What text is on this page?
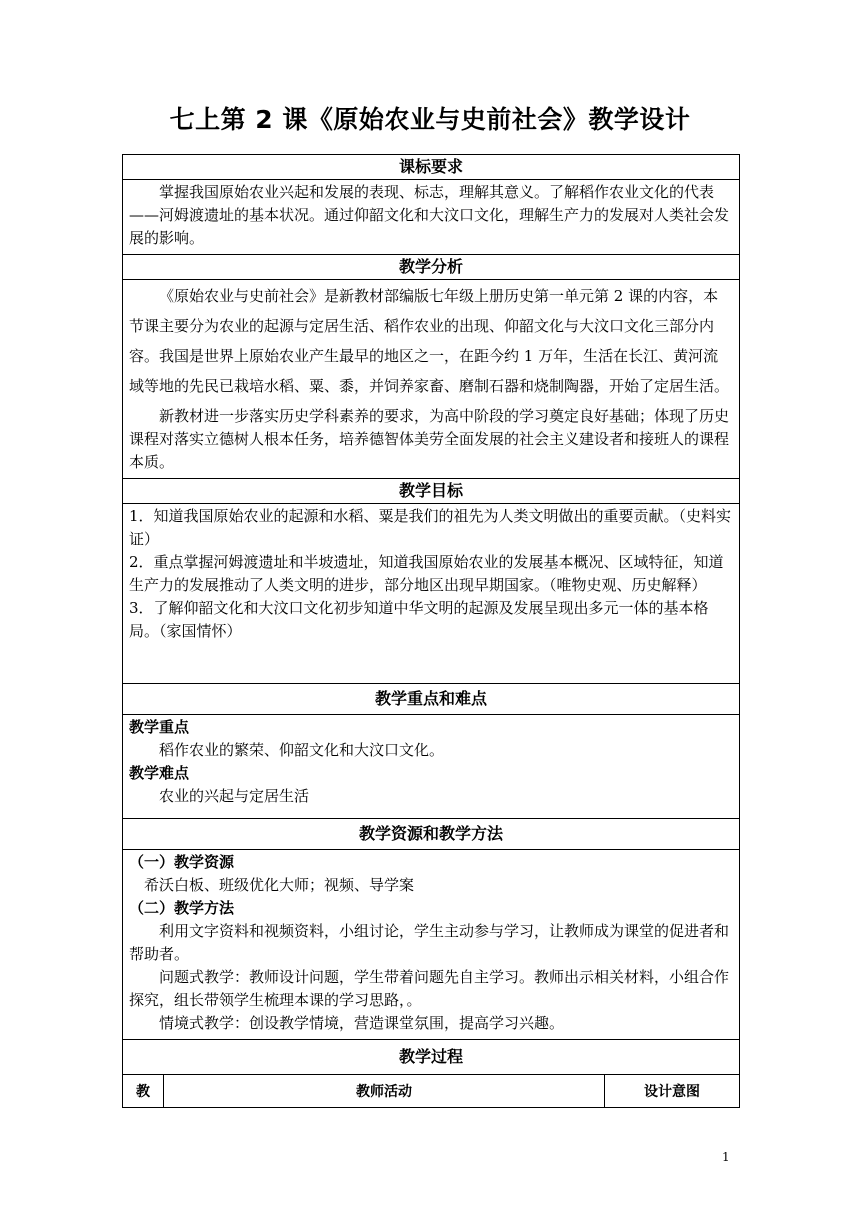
七上第 2 课《原始农业与史前社会》教学设计
课标要求

掌握我国原始农业兴起和发展的表现、标志，理解其意义。了解稻作农业文化的代表——河姆渡遗址的基本状况。通过仰韶文化和大汶口文化，理解生产力的发展对人类社会发展的影响。

教学分析

《原始农业与史前社会》是新教材部编版七年级上册历史第一单元第 2 课的内容，本节课主要分为农业的起源与定居生活、稻作农业的出现、仰韶文化与大汶口文化三部分内容。我国是世界上原始农业产生最早的地区之一，在距今约 1 万年，生活在长江、黄河流域等地的先民已栽培水稻、粟、黍，并饲养家畜、磨制石器和烧制陶器，开始了定居生活。

新教材进一步落实历史学科素养的要求，为高中阶段的学习奠定良好基础；体现了历史课程对落实立德树人根本任务，培养德智体美劳全面发展的社会主义建设者和接班人的课程本质。

教学目标

1．知道我国原始农业的起源和水稻、粟是我们的祖先为人类文明做出的重要贡献。（史料实证）

2．重点掌握河姆渡遗址和半坡遗址，知道我国原始农业的发展基本概况、区域特征，知道生产力的发展推动了人类文明的进步，部分地区出现早期国家。（唯物史观、历史解释）

3．了解仰韶文化和大汶口文化初步知道中华文明的起源及发展呈现出多元一体的基本格局。（家国情怀）

教学重点和难点

教学重点

稻作农业的繁荣、仰韶文化和大汶口文化。

教学难点

农业的兴起与定居生活

教学资源和教学方法

（一）教学资源

希沃白板、班级优化大师；视频、导学案

（二）教学方法

利用文字资料和视频资料，小组讨论，学生主动参与学习，让教师成为课堂的促进者和帮助者。

问题式教学：教师设计问题，学生带着问题先自主学习。教师出示相关材料，小组合作探究，组长带领学生梳理本课的学习思路，。

情境式教学：创设教学情境，营造课堂氛围，提高学习兴趣。

教学过程
教	教师活动	设计意图
1
